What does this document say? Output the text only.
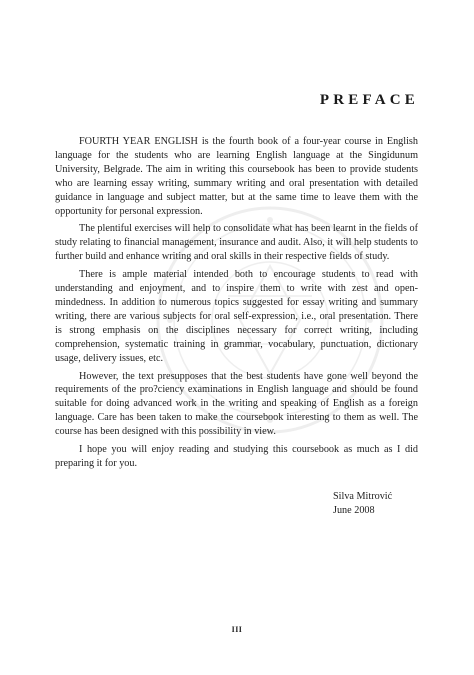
PREFACE

FOURTH YEAR ENGLISH is the fourth book of a four-year course in English language for the students who are learning English language at the Singidunum University, Belgrade. The aim in writing this coursebook has been to provide students who are learning essay writing, summary writing and oral presentation with detailed guidance in language and subject matter, but at the same time to leave them with the opportunity for personal expression.

The plentiful exercises will help to consolidate what has been learnt in the fields of study relating to financial management, insurance and audit. Also, it will help students to further build and enhance writing and oral skills in their respective fields of study.

There is ample material intended both to encourage students to read with understanding and enjoyment, and to inspire them to write with zest and open-mindedness. In addition to numerous topics suggested for essay writing and summary writing, there are various subjects for oral self-expression, i.e., oral presentation. There is strong emphasis on the disciplines necessary for correct writing, including comprehension, systematic training in grammar, vocabulary, punctuation, dictionary usage, delivery issues, etc.

However, the text presupposes that the best students have gone well beyond the requirements of the pro?ciency examinations in English language and should be found suitable for doing advanced work in the writing and speaking of English as a foreign language. Care has been taken to make the coursebook interesting to them as well. The course has been designed with this possibility in view.

I hope you will enjoy reading and studying this coursebook as much as I did preparing it for you.

Silva Mitrović
June 2008
III
